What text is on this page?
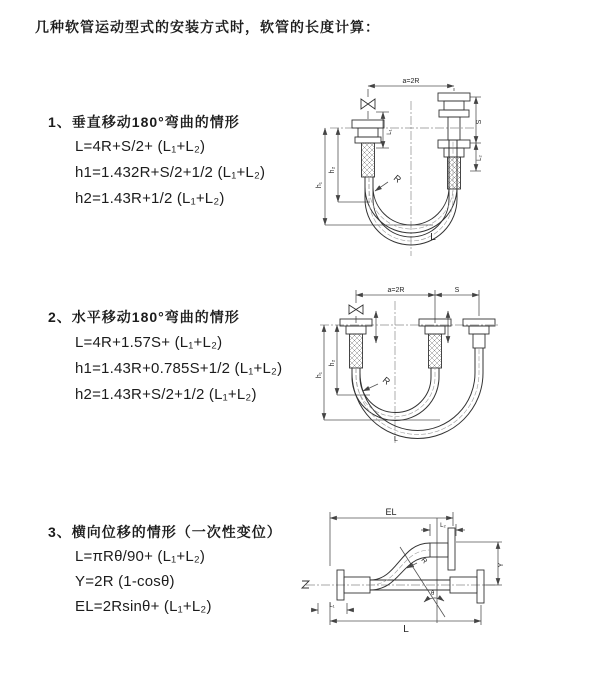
几种软管运动型式的安装方式时，软管的长度计算：
1、垂直移动180°弯曲的情形
L=4R+S/2+ (L₁+L₂)
h1=1.432R+S/2+1/2 (L₁+L₂)
h2=1.43R+1/2 (L₁+L₂)
2、水平移动180°弯曲的情形
L=4R+1.57S+ (L₁+L₂)
h1=1.43R+0.785S+1/2 (L₁+L₂)
h2=1.43R+S/2+1/2 (L₁+L₂)
3、横向位移的情形（一次性变位）
L=πRθ/90+ (L₁+L₂)
Y=2R (1-cosθ)
EL=2Rsinθ+ (L₁+L₂)
a=2R
L₁
S
L₂
h₁
h₂
R
L
a=2R	S
h₁
h₂
R
L
EL
L₂
Y
R
θ
L
L₁
